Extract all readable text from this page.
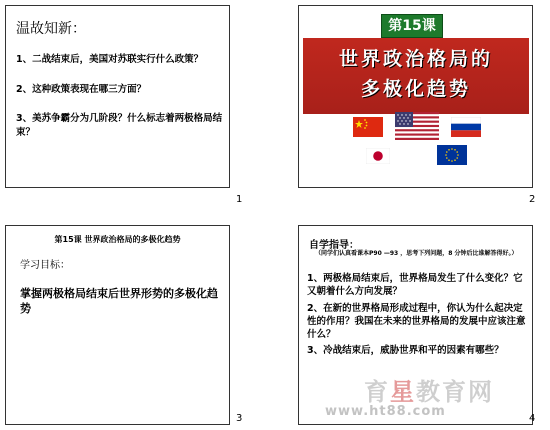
温故知新：
1、二战结束后，美国对苏联实行什么政策？
2、这种政策表现在哪三方面？
3、美苏争霸分为几阶段？什么标志着两极格局结束？
1
世界政治格局的
多极化趋势
第15课
2
第15课 世界政治格局的多极化趋势
学习目标：
掌握两极格局结束后世界形势的多极化趋势
3
自学指导：
（同学们认真看课本P90 —93 ，思考下列问题，8 分钟后比谁解答得好。）
1、两极格局结束后，世界格局发生了什么变化？它又朝着什么方向发展？
2、在新的世界格局形成过程中，你认为什么起决定性的作用？我国在未来的世界格局的发展中应该注意什么？
3、冷战结束后，威胁世界和平的因素有哪些？
4
育星教育网
www.ht88.com
